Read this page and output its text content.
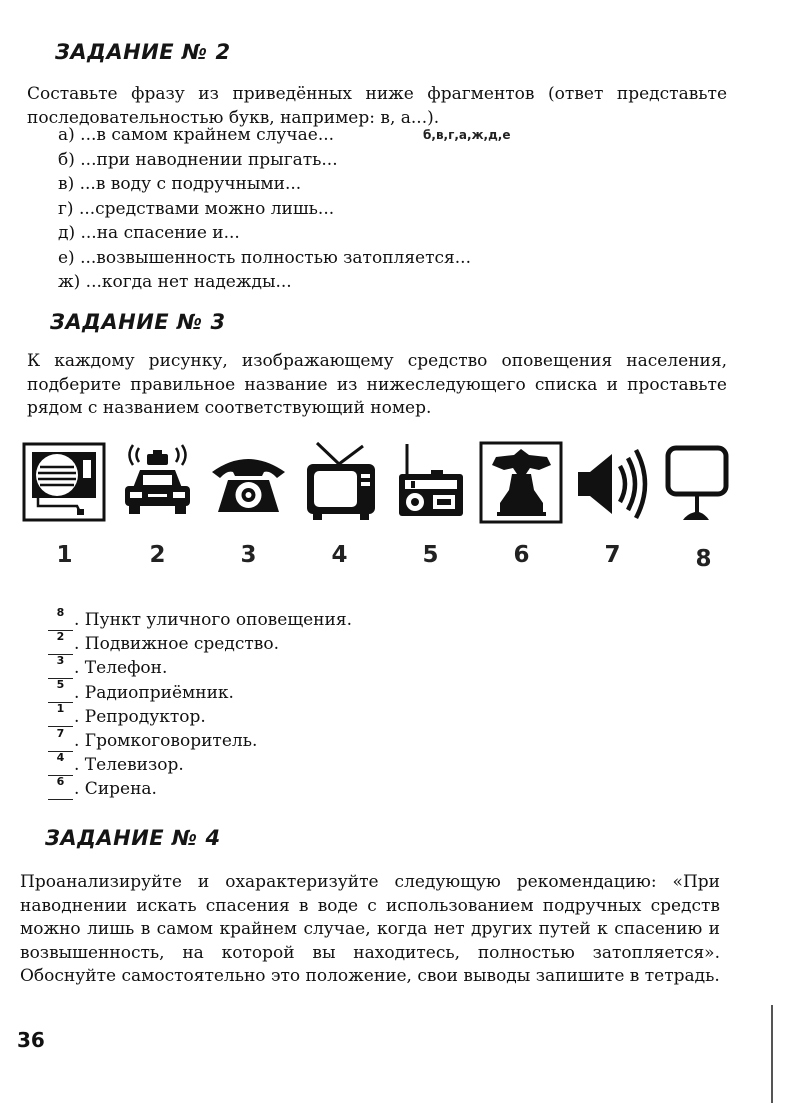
ЗАДАНИЕ № 2
Составьте фразу из приведённых ниже фрагментов (ответ представьте последовательностью букв, например: в, а...).
б,в,г,а,ж,д,е
а) ...в самом крайнем случае...
б) ...при наводнении прыгать...
в) ...в воду с подручными...
г) ...средствами можно лишь...
д) ...на спасение и...
е) ...возвышенность полностью затопляется...
ж) ...когда нет надежды...
ЗАДАНИЕ № 3
К каждому рисунку, изображающему средство оповещения населения, подберите правильное название из нижеследующего списка и проставьте рядом с названием соответствующий номер.
1	2	3	4	5	6	7	8
8 . Пункт уличного оповещения.
2 . Подвижное средство.
3 . Телефон.
5 . Радиоприёмник.
1 . Репродуктор.
7 . Громкоговоритель.
4 . Телевизор.
6 . Сирена.
ЗАДАНИЕ № 4
Проанализируйте и охарактеризуйте следующую рекомендацию: «При наводнении искать спасения в воде с использованием подручных средств можно лишь в самом крайнем случае, когда нет других путей к спасению и возвышенность, на которой вы находитесь, полностью затопляется». Обоснуйте самостоятельно это положение, свои выводы запишите в тетрадь.
36
